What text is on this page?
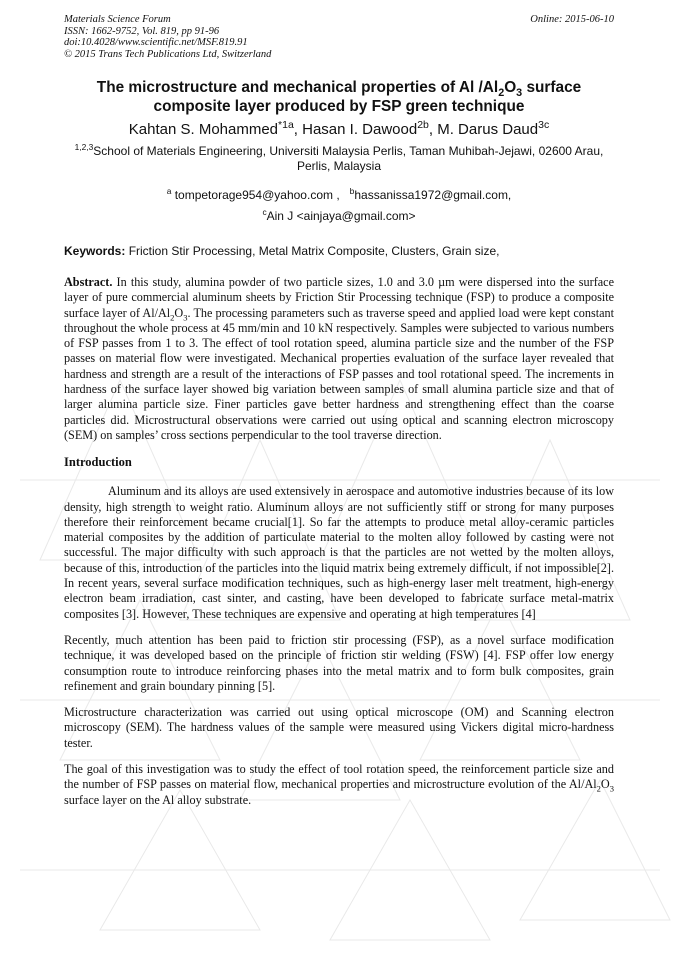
Materials Science Forum
ISSN: 1662-9752, Vol. 819, pp 91-96
doi:10.4028/www.scientific.net/MSF.819.91
© 2015 Trans Tech Publications Ltd, Switzerland
Online: 2015-06-10
The microstructure and mechanical properties of Al $/Al_2O_3$ surface composite layer produced by FSP green technique
Kahtan S. Mohammed$^{*1a}$, Hasan I. Dawood$^{2b}$, M. Darus Daud$^{3c}$
$^{1,2,3}$School of Materials Engineering, Universiti Malaysia Perlis, Taman Muhibah-Jejawi, 02600 Arau, Perlis, Malaysia
$^a$ tompetorage954@yahoo.com , $^b$hassanissa1972@gmail.com,
$^c$Ain J <ainjaya@gmail.com>
Keywords: Friction Stir Processing, Metal Matrix Composite, Clusters, Grain size,
Abstract. In this study, alumina powder of two particle sizes, 1.0 and 3.0 µm were dispersed into the surface layer of pure commercial aluminum sheets by Friction Stir Processing technique (FSP) to produce a composite surface layer of $Al/Al_2O_3$. The processing parameters such as traverse speed and applied load were kept constant throughout the whole process at 45 mm/min and 10 kN respectively. Samples were subjected to various numbers of FSP passes from 1 to 3. The effect of tool rotation speed, alumina particle size and the number of the FSP passes on material flow were investigated. Mechanical properties evaluation of the surface layer revealed that hardness and strength are a result of the interactions of FSP passes and tool rotational speed. The increments in hardness of the surface layer showed big variation between samples of small alumina particle size and that of larger alumina particle size. Finer particles gave better hardness and strengthening effect than the coarse particles did. Microstructural observations were carried out using optical and scanning electron microscopy (SEM) on samples’ cross sections perpendicular to the tool traverse direction.
Introduction
Aluminum and its alloys are used extensively in aerospace and automotive industries because of its low density, high strength to weight ratio. Aluminum alloys are not sufficiently stiff or strong for many purposes therefore their reinforcement became crucial[1]. So far the attempts to produce metal alloy-ceramic particles material composites by the addition of particulate material to the molten alloy followed by casting were not successful. The major difficulty with such approach is that the particles are not wetted by the molten alloys, because of this, introduction of the particles into the liquid matrix being extremely difficult, if not impossible[2]. In recent years, several surface modification techniques, such as high-energy laser melt treatment, high-energy electron beam irradiation, cast sinter, and casting, have been developed to fabricate surface metal-matrix composites [3]. However, These techniques are expensive and operating at high temperatures [4]
Recently, much attention has been paid to friction stir processing (FSP), as a novel surface modification technique, it was developed based on the principle of friction stir welding (FSW) [4]. FSP offer low energy consumption route to introduce reinforcing phases into the metal matrix and to form bulk composites, grain refinement and grain boundary pinning [5].
Microstructure characterization was carried out using optical microscope (OM) and Scanning electron microscopy (SEM). The hardness values of the sample were measured using Vickers digital micro-hardness tester.
The goal of this investigation was to study the effect of tool rotation speed, the reinforcement particle size and the number of FSP passes on material flow, mechanical properties and microstructure evolution of the $Al/Al_2O_3$ surface layer on the Al alloy substrate.
